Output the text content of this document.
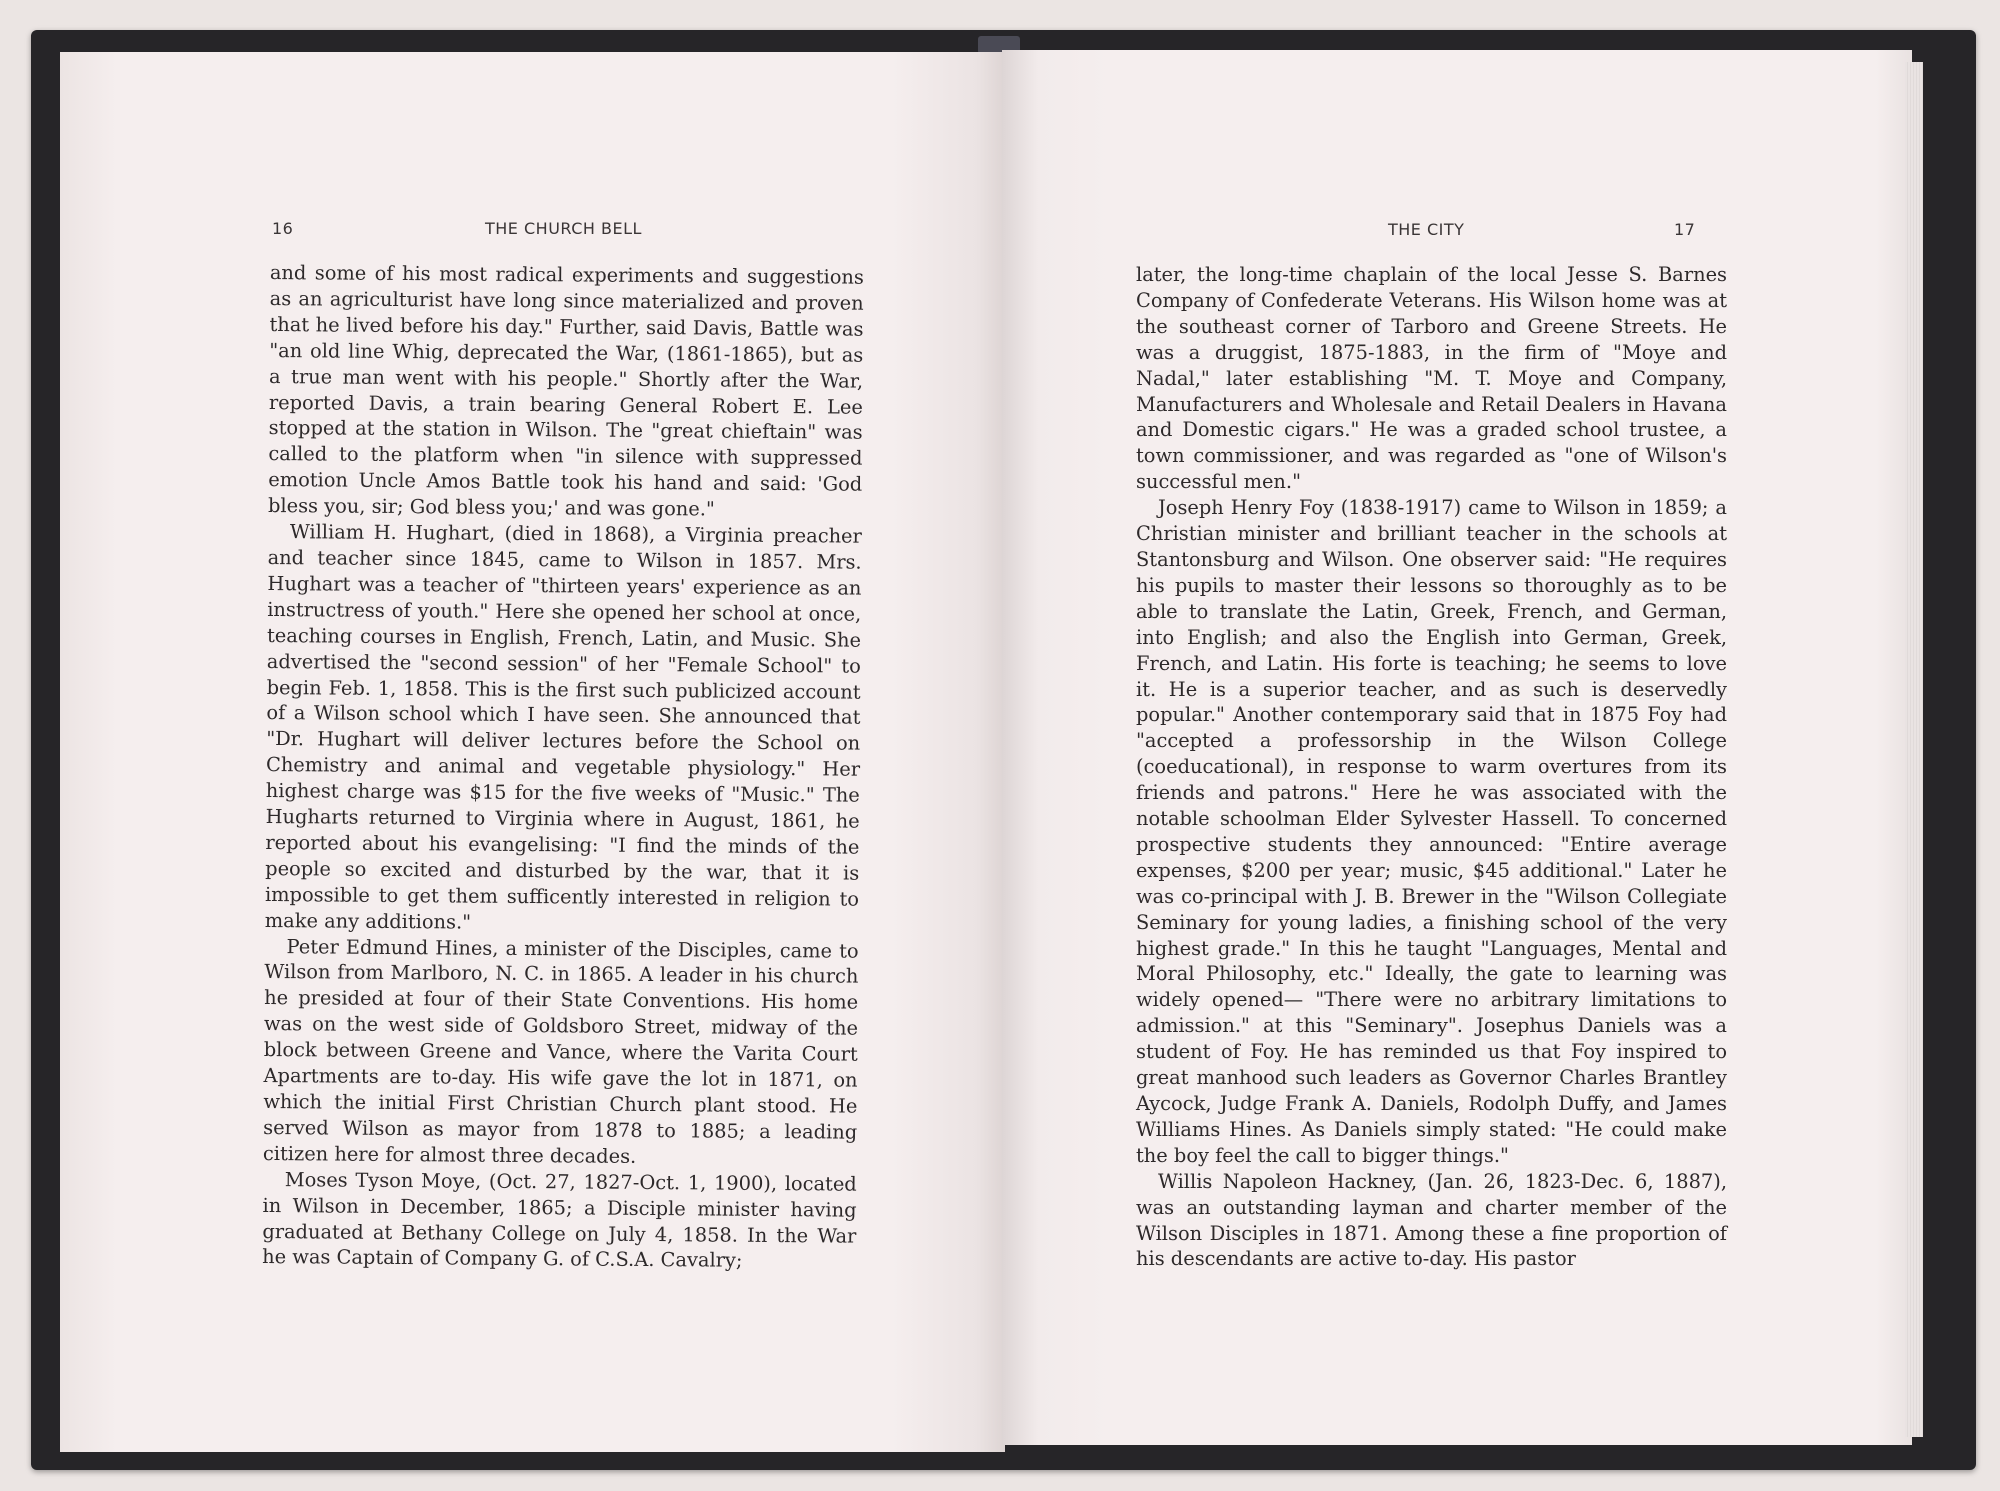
16	THE CHURCH BELL	THE CITY	17

and some of his most radical experiments and suggestions as an agriculturist have long since materialized and proven that he lived before his day." Further, said Davis, Battle was "an old line Whig, deprecated the War, (1861-1865), but as a true man went with his people." Shortly after the War, reported Davis, a train bearing General Robert E. Lee stopped at the station in Wilson. The "great chieftain" was called to the platform when "in silence with suppressed emotion Uncle Amos Battle took his hand and said: 'God bless you, sir; God bless you;' and was gone."

William H. Hughart, (died in 1868), a Virginia preacher and teacher since 1845, came to Wilson in 1857. Mrs. Hughart was a teacher of "thirteen years' experience as an instructress of youth." Here she opened her school at once, teaching courses in English, French, Latin, and Music. She advertised the "second session" of her "Female School" to begin Feb. 1, 1858. This is the first such publicized account of a Wilson school which I have seen. She announced that "Dr. Hughart will deliver lectures before the School on Chemistry and animal and vegetable physiology." Her highest charge was $15 for the five weeks of "Music." The Hugharts returned to Virginia where in August, 1861, he reported about his evangelising: "I find the minds of the people so excited and disturbed by the war, that it is impossible to get them sufficently interested in religion to make any additions."

Peter Edmund Hines, a minister of the Disciples, came to Wilson from Marlboro, N. C. in 1865. A leader in his church he presided at four of their State Conventions. His home was on the west side of Goldsboro Street, midway of the block between Greene and Vance, where the Varita Court Apartments are to-day. His wife gave the lot in 1871, on which the initial First Christian Church plant stood. He served Wilson as mayor from 1878 to 1885; a leading citizen here for almost three decades.

Moses Tyson Moye, (Oct. 27, 1827-Oct. 1, 1900), located in Wilson in December, 1865; a Disciple minister having graduated at Bethany College on July 4, 1858. In the War he was Captain of Company G. of C.S.A. Cavalry;

later, the long-time chaplain of the local Jesse S. Barnes Company of Confederate Veterans. His Wilson home was at the southeast corner of Tarboro and Greene Streets. He was a druggist, 1875-1883, in the firm of "Moye and Nadal," later establishing "M. T. Moye and Company, Manufacturers and Wholesale and Retail Dealers in Havana and Domestic cigars." He was a graded school trustee, a town commissioner, and was regarded as "one of Wilson's successful men."

Joseph Henry Foy (1838-1917) came to Wilson in 1859; a Christian minister and brilliant teacher in the schools at Stantonsburg and Wilson. One observer said: "He requires his pupils to master their lessons so thoroughly as to be able to translate the Latin, Greek, French, and German, into English; and also the English into German, Greek, French, and Latin. His forte is teaching; he seems to love it. He is a superior teacher, and as such is deservedly popular." Another contemporary said that in 1875 Foy had "accepted a professorship in the Wilson College (coeducational), in response to warm overtures from its friends and patrons." Here he was associated with the notable schoolman Elder Sylvester Hassell. To concerned prospective students they announced: "Entire average expenses, $200 per year; music, $45 additional." Later he was co-principal with J. B. Brewer in the "Wilson Collegiate Seminary for young ladies, a finishing school of the very highest grade." In this he taught "Languages, Mental and Moral Philosophy, etc." Ideally, the gate to learning was widely opened— "There were no arbitrary limitations to admission." at this "Seminary". Josephus Daniels was a student of Foy. He has reminded us that Foy inspired to great manhood such leaders as Governor Charles Brantley Aycock, Judge Frank A. Daniels, Rodolph Duffy, and James Williams Hines. As Daniels simply stated: "He could make the boy feel the call to bigger things."

Willis Napoleon Hackney, (Jan. 26, 1823-Dec. 6, 1887), was an outstanding layman and charter member of the Wilson Disciples in 1871. Among these a fine proportion of his descendants are active to-day. His pastor
